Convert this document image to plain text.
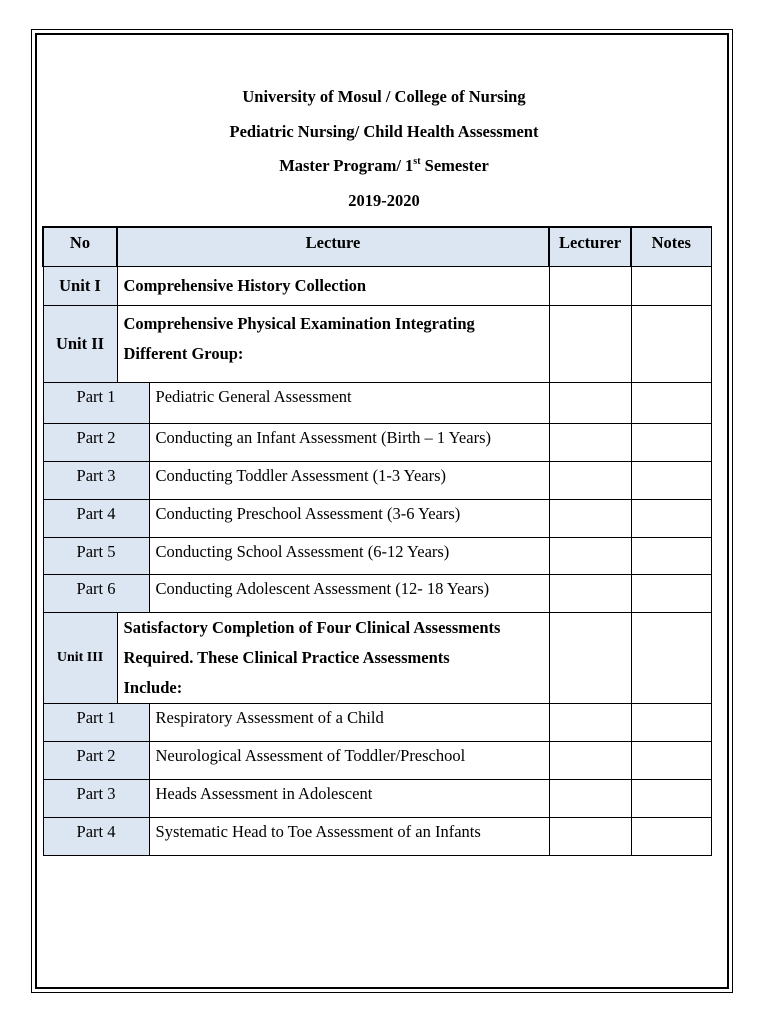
University of Mosul / College of Nursing
Pediatric Nursing/ Child Health Assessment
Master Program/ 1st Semester
2019-2020
No	Lecture		Lecturer	Notes

Unit I	Comprehensive History Collection			
Unit II	Comprehensive Physical Examination Integrating
Different Group:			

Part 1		Pediatric General Assessment		

Part 2		Conducting an Infant Assessment (Birth – 1 Years)		

Part 3		Conducting Toddler Assessment (1-3 Years)		

Part 4		Conducting Preschool Assessment (3-6 Years)		

Part 5		Conducting School Assessment (6-12 Years)		

Part 6		Conducting Adolescent Assessment (12- 18 Years)		

Unit III	Satisfactory Completion of Four Clinical Assessments
Required. These Clinical Practice Assessments
Include:			

Part 1		Respiratory Assessment of a Child		

Part 2		Neurological Assessment of Toddler/Preschool		

Part 3		Heads Assessment in Adolescent		

Part 4		Systematic Head to Toe Assessment of an Infants		
